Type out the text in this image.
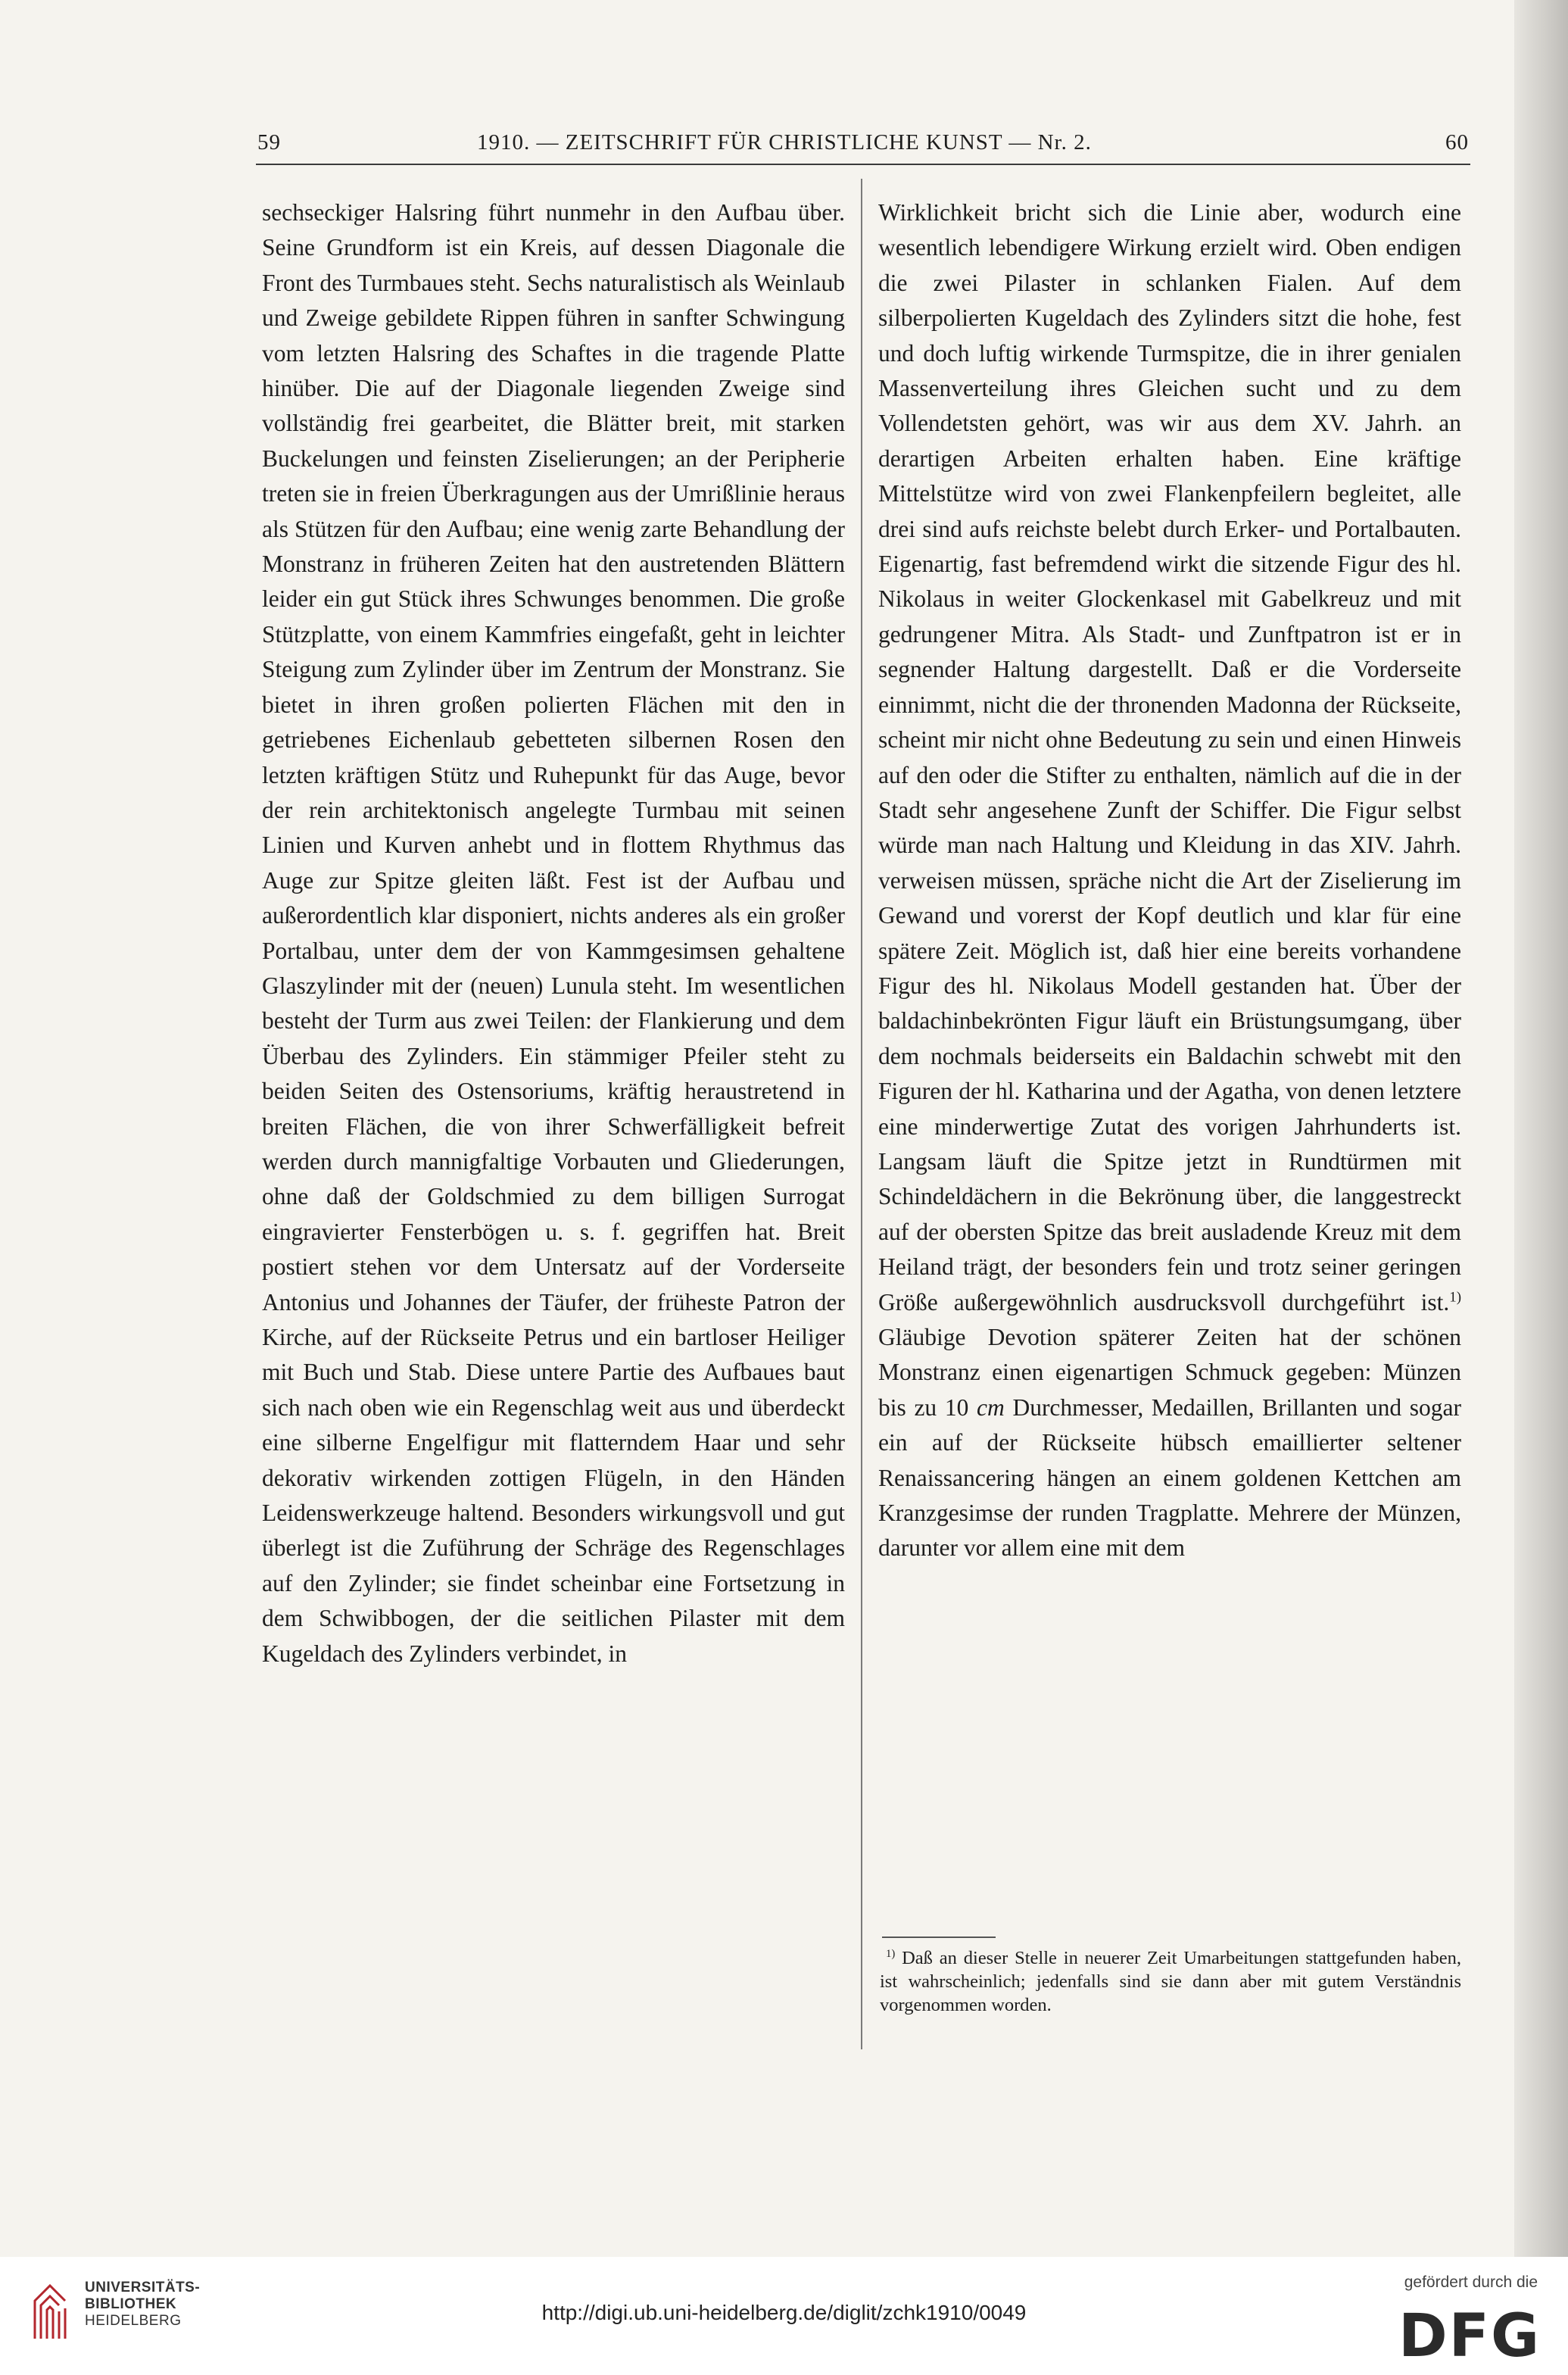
59	1910. — ZEITSCHRIFT FÜR CHRISTLICHE KUNST — Nr. 2.	60

sechseckiger Halsring führt nunmehr in den Aufbau über. Seine Grundform ist ein Kreis, auf dessen Diagonale die Front des Turmbaues steht. Sechs naturalistisch als Weinlaub und Zweige gebildete Rippen führen in sanfter Schwingung vom letzten Halsring des Schaftes in die tragende Platte hinüber. Die auf der Diagonale liegenden Zweige sind vollständig frei gearbeitet, die Blätter breit, mit starken Buckelungen und feinsten Ziselierungen; an der Peripherie treten sie in freien Überkragungen aus der Umrißlinie heraus als Stützen für den Aufbau; eine wenig zarte Behandlung der Monstranz in früheren Zeiten hat den austretenden Blättern leider ein gut Stück ihres Schwunges benommen. Die große Stützplatte, von einem Kammfries eingefaßt, geht in leichter Steigung zum Zylinder über im Zentrum der Monstranz. Sie bietet in ihren großen polierten Flächen mit den in getriebenes Eichenlaub gebetteten silbernen Rosen den letzten kräftigen Stütz und Ruhepunkt für das Auge, bevor der rein architektonisch angelegte Turmbau mit seinen Linien und Kurven anhebt und in flottem Rhythmus das Auge zur Spitze gleiten läßt. Fest ist der Aufbau und außerordentlich klar disponiert, nichts anderes als ein großer Portalbau, unter dem der von Kammgesimsen gehaltene Glaszylinder mit der (neuen) Lunula steht. Im wesentlichen besteht der Turm aus zwei Teilen: der Flankierung und dem Überbau des Zylinders. Ein stämmiger Pfeiler steht zu beiden Seiten des Ostensoriums, kräftig heraustretend in breiten Flächen, die von ihrer Schwerfälligkeit befreit werden durch mannigfaltige Vorbauten und Gliederungen, ohne daß der Goldschmied zu dem billigen Surrogat eingravierter Fensterbögen u. s. f. gegriffen hat. Breit postiert stehen vor dem Untersatz auf der Vorderseite Antonius und Johannes der Täufer, der früheste Patron der Kirche, auf der Rückseite Petrus und ein bartloser Heiliger mit Buch und Stab. Diese untere Partie des Aufbaues baut sich nach oben wie ein Regenschlag weit aus und überdeckt eine silberne Engelfigur mit flatterndem Haar und sehr dekorativ wirkenden zottigen Flügeln, in den Händen Leidenswerkzeuge haltend. Besonders wirkungsvoll und gut überlegt ist die Zuführung der Schräge des Regenschlages auf den Zylinder; sie findet scheinbar eine Fortsetzung in dem Schwibbogen, der die seitlichen Pilaster mit dem Kugeldach des Zylinders verbindet, in

Wirklichkeit bricht sich die Linie aber, wodurch eine wesentlich lebendigere Wirkung erzielt wird. Oben endigen die zwei Pilaster in schlanken Fialen. Auf dem silberpolierten Kugeldach des Zylinders sitzt die hohe, fest und doch luftig wirkende Turmspitze, die in ihrer genialen Massenverteilung ihres Gleichen sucht und zu dem Vollendetsten gehört, was wir aus dem XV. Jahrh. an derartigen Arbeiten erhalten haben. Eine kräftige Mittelstütze wird von zwei Flankenpfeilern begleitet, alle drei sind aufs reichste belebt durch Erker- und Portalbauten. Eigenartig, fast befremdend wirkt die sitzende Figur des hl. Nikolaus in weiter Glockenkasel mit Gabelkreuz und mit gedrungener Mitra. Als Stadt- und Zunftpatron ist er in segnender Haltung dargestellt. Daß er die Vorderseite einnimmt, nicht die der thronenden Madonna der Rückseite, scheint mir nicht ohne Bedeutung zu sein und einen Hinweis auf den oder die Stifter zu enthalten, nämlich auf die in der Stadt sehr angesehene Zunft der Schiffer. Die Figur selbst würde man nach Haltung und Kleidung in das XIV. Jahrh. verweisen müssen, spräche nicht die Art der Ziselierung im Gewand und vorerst der Kopf deutlich und klar für eine spätere Zeit. Möglich ist, daß hier eine bereits vorhandene Figur des hl. Nikolaus Modell gestanden hat. Über der baldachinbekrönten Figur läuft ein Brüstungsumgang, über dem nochmals beiderseits ein Baldachin schwebt mit den Figuren der hl. Katharina und der Agatha, von denen letztere eine minderwertige Zutat des vorigen Jahrhunderts ist. Langsam läuft die Spitze jetzt in Rundtürmen mit Schindeldächern in die Bekrönung über, die langgestreckt auf der obersten Spitze das breit ausladende Kreuz mit dem Heiland trägt, der besonders fein und trotz seiner geringen Größe außergewöhnlich ausdrucksvoll durchgeführt ist.$^{1)}$ Gläubige Devotion späterer Zeiten hat der schönen Monstranz einen eigenartigen Schmuck gegeben: Münzen bis zu 10 cm Durchmesser, Medaillen, Brillanten und sogar ein auf der Rückseite hübsch emaillierter seltener Renaissancering hängen an einem goldenen Kettchen am Kranzgesimse der runden Tragplatte. Mehrere der Münzen, darunter vor allem eine mit dem

$^{1)}$ Daß an dieser Stelle in neuerer Zeit Umarbeitungen stattgefunden haben, ist wahrscheinlich; jedenfalls sind sie dann aber mit gutem Verständnis vorgenommen worden.

UNIVERSITÄTS-
BIBLIOTHEK
HEIDELBERG	http://digi.ub.uni-heidelberg.de/diglit/zchk1910/0049
gefördert durch die
DFG
